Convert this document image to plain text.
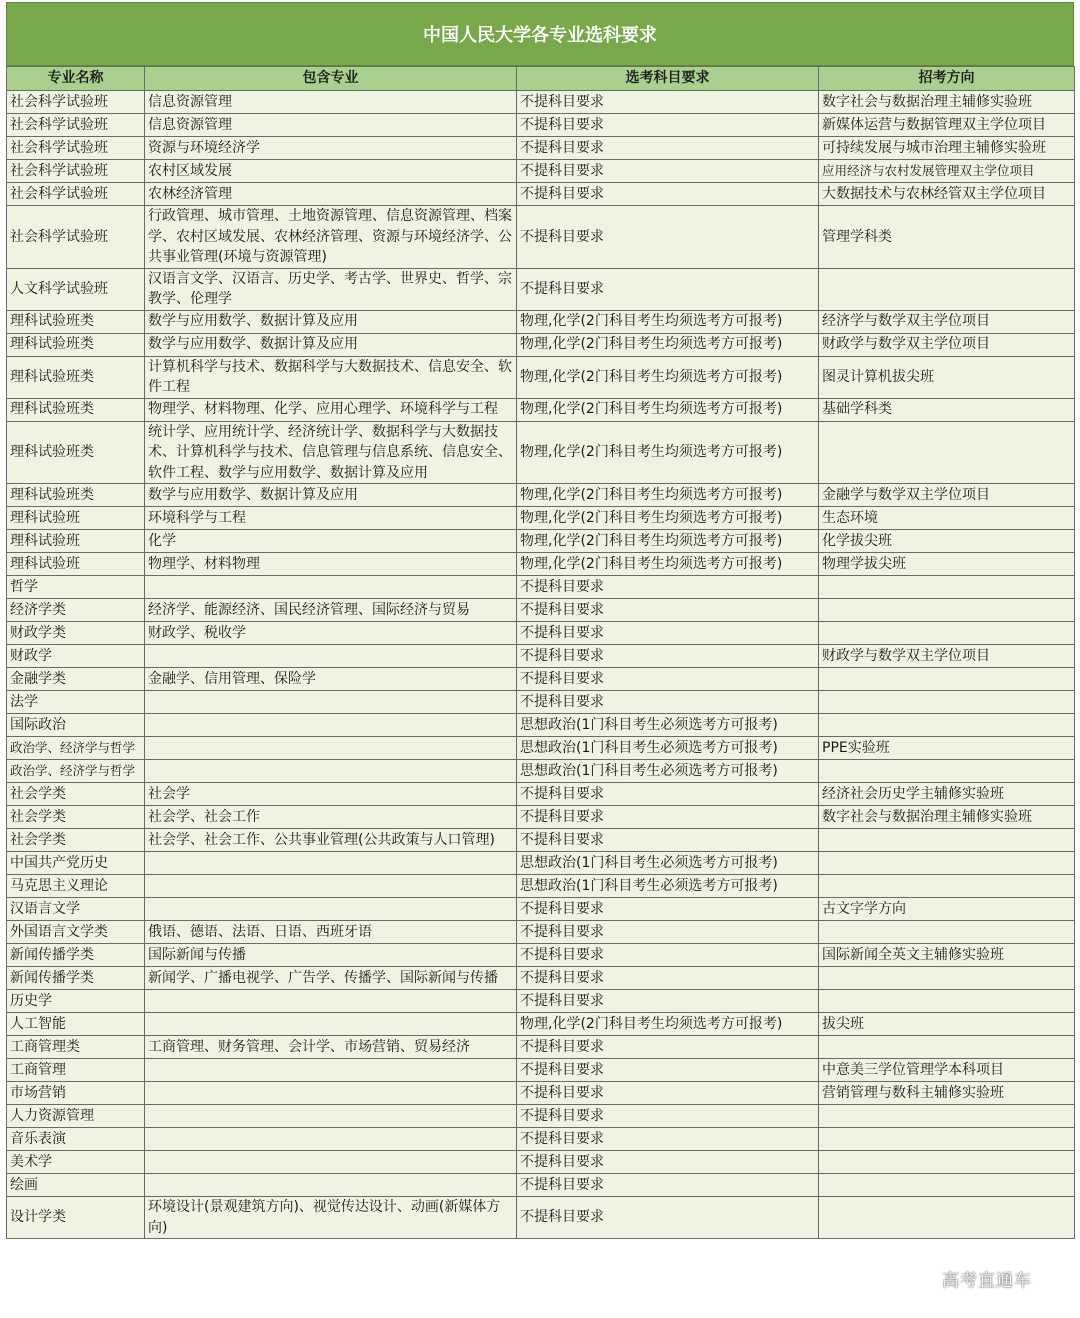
中国人民大学各专业选科要求
专业名称	包含专业	选考科目要求	招考方向
社会科学试验班	信息资源管理	不提科目要求	数字社会与数据治理主辅修实验班
社会科学试验班	信息资源管理	不提科目要求	新媒体运营与数据管理双主学位项目
社会科学试验班	资源与环境经济学	不提科目要求	可持续发展与城市治理主辅修实验班
社会科学试验班	农村区域发展	不提科目要求	应用经济与农村发展管理双主学位项目
社会科学试验班	农林经济管理	不提科目要求	大数据技术与农林经管双主学位项目
社会科学试验班	行政管理、城市管理、土地资源管理、信息资源管理、档案学、农村区域发展、农林经济管理、资源与环境经济学、公共事业管理(环境与资源管理)	不提科目要求	管理学科类
人文科学试验班	汉语言文学、汉语言、历史学、考古学、世界史、哲学、宗教学、伦理学	不提科目要求	
理科试验班类	数学与应用数学、数据计算及应用	物理,化学(2门科目考生均须选考方可报考)	经济学与数学双主学位项目
理科试验班类	数学与应用数学、数据计算及应用	物理,化学(2门科目考生均须选考方可报考)	财政学与数学双主学位项目
理科试验班类	计算机科学与技术、数据科学与大数据技术、信息安全、软件工程	物理,化学(2门科目考生均须选考方可报考)	图灵计算机拔尖班
理科试验班类	物理学、材料物理、化学、应用心理学、环境科学与工程	物理,化学(2门科目考生均须选考方可报考)	基础学科类
理科试验班类	统计学、应用统计学、经济统计学、数据科学与大数据技术、计算机科学与技术、信息管理与信息系统、信息安全、软件工程、数学与应用数学、数据计算及应用	物理,化学(2门科目考生均须选考方可报考)	
理科试验班类	数学与应用数学、数据计算及应用	物理,化学(2门科目考生均须选考方可报考)	金融学与数学双主学位项目
理科试验班	环境科学与工程	物理,化学(2门科目考生均须选考方可报考)	生态环境
理科试验班	化学	物理,化学(2门科目考生均须选考方可报考)	化学拔尖班
理科试验班	物理学、材料物理	物理,化学(2门科目考生均须选考方可报考)	物理学拔尖班
哲学		不提科目要求	
经济学类	经济学、能源经济、国民经济管理、国际经济与贸易	不提科目要求	
财政学类	财政学、税收学	不提科目要求	
财政学		不提科目要求	财政学与数学双主学位项目
金融学类	金融学、信用管理、保险学	不提科目要求	
法学		不提科目要求	
国际政治		思想政治(1门科目考生必须选考方可报考)	
政治学、经济学与哲学		思想政治(1门科目考生必须选考方可报考)	PPE实验班
政治学、经济学与哲学		思想政治(1门科目考生必须选考方可报考)	
社会学类	社会学	不提科目要求	经济社会历史学主辅修实验班
社会学类	社会学、社会工作	不提科目要求	数字社会与数据治理主辅修实验班
社会学类	社会学、社会工作、公共事业管理(公共政策与人口管理)	不提科目要求	
中国共产党历史		思想政治(1门科目考生必须选考方可报考)	
马克思主义理论		思想政治(1门科目考生必须选考方可报考)	
汉语言文学		不提科目要求	古文字学方向
外国语言文学类	俄语、德语、法语、日语、西班牙语	不提科目要求	
新闻传播学类	国际新闻与传播	不提科目要求	国际新闻全英文主辅修实验班
新闻传播学类	新闻学、广播电视学、广告学、传播学、国际新闻与传播	不提科目要求	
历史学		不提科目要求	
人工智能		物理,化学(2门科目考生均须选考方可报考)	拔尖班
工商管理类	工商管理、财务管理、会计学、市场营销、贸易经济	不提科目要求	
工商管理		不提科目要求	中意美三学位管理学本科项目
市场营销		不提科目要求	营销管理与数科主辅修实验班
人力资源管理		不提科目要求	
音乐表演		不提科目要求	
美术学		不提科目要求	
绘画		不提科目要求	
设计学类	环境设计(景观建筑方向)、视觉传达设计、动画(新媒体方向)	不提科目要求	
高考直通车
